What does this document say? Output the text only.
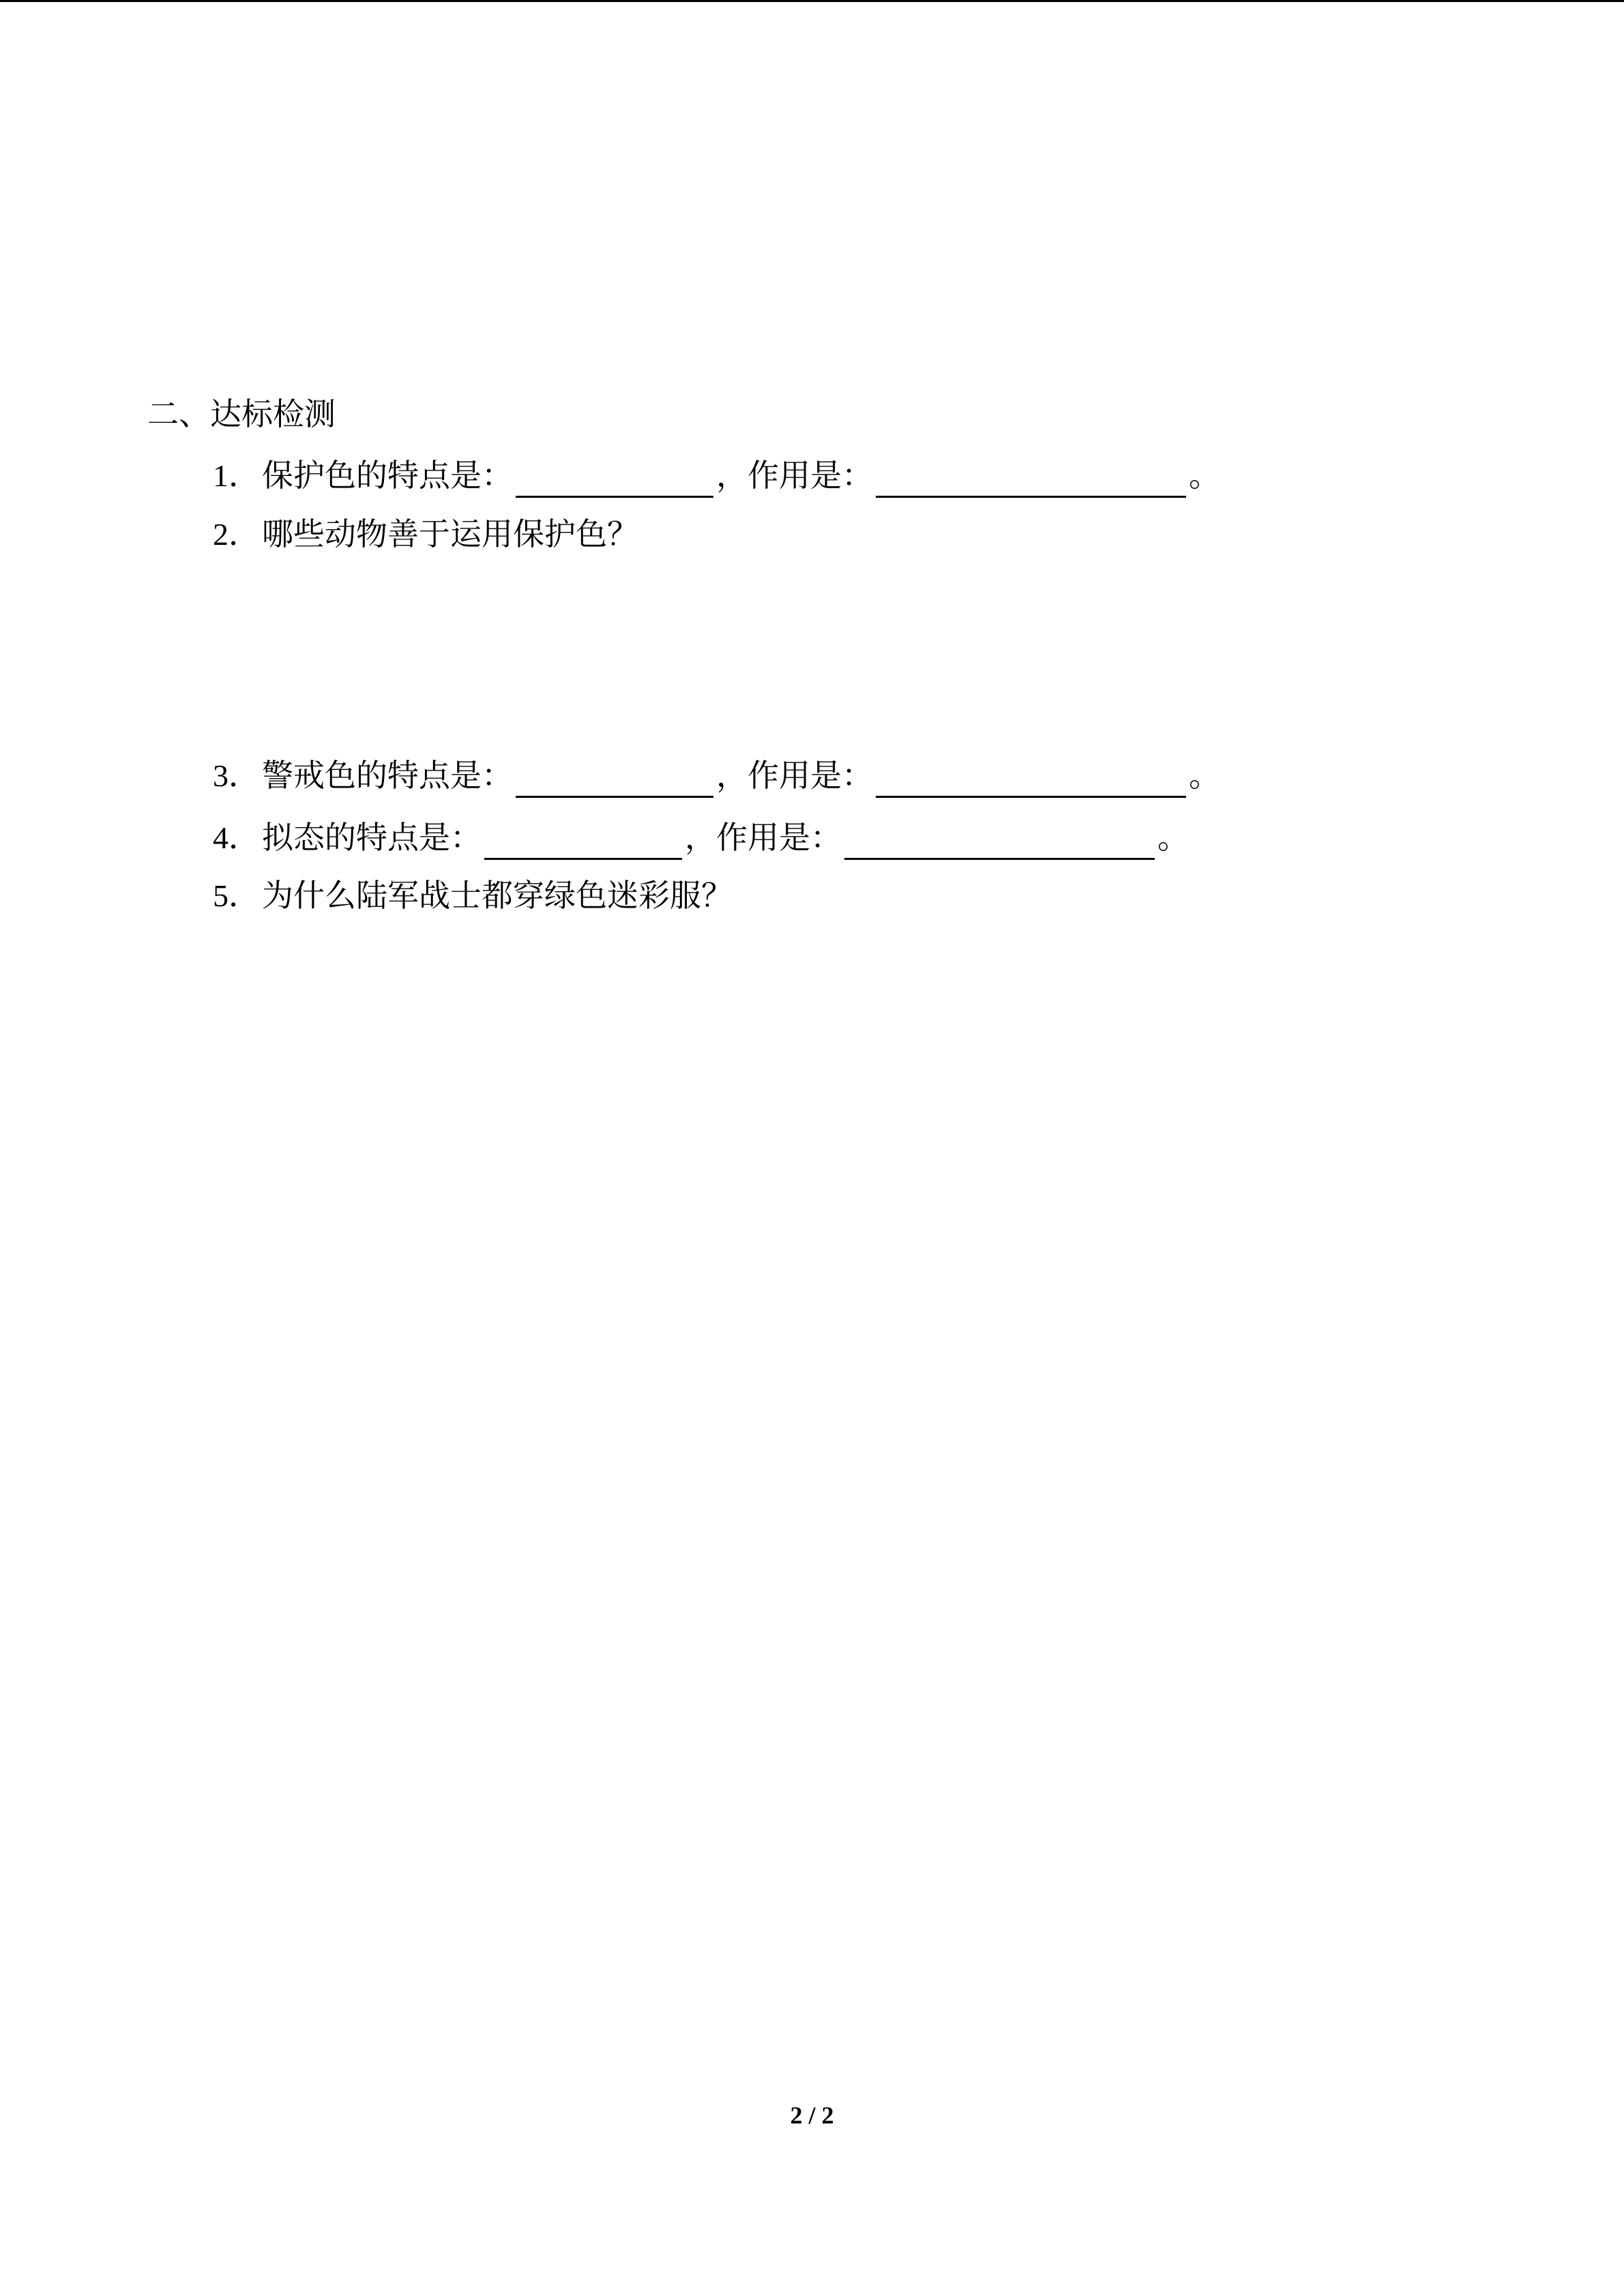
二、达标检测
1．保护色的特点是：	，作用是：	。
2．哪些动物善于运用保护色？
3．警戒色的特点是：	，作用是：	。
4．拟态的特点是：	，作用是：	。
5．为什么陆军战士都穿绿色迷彩服？
2 / 2
